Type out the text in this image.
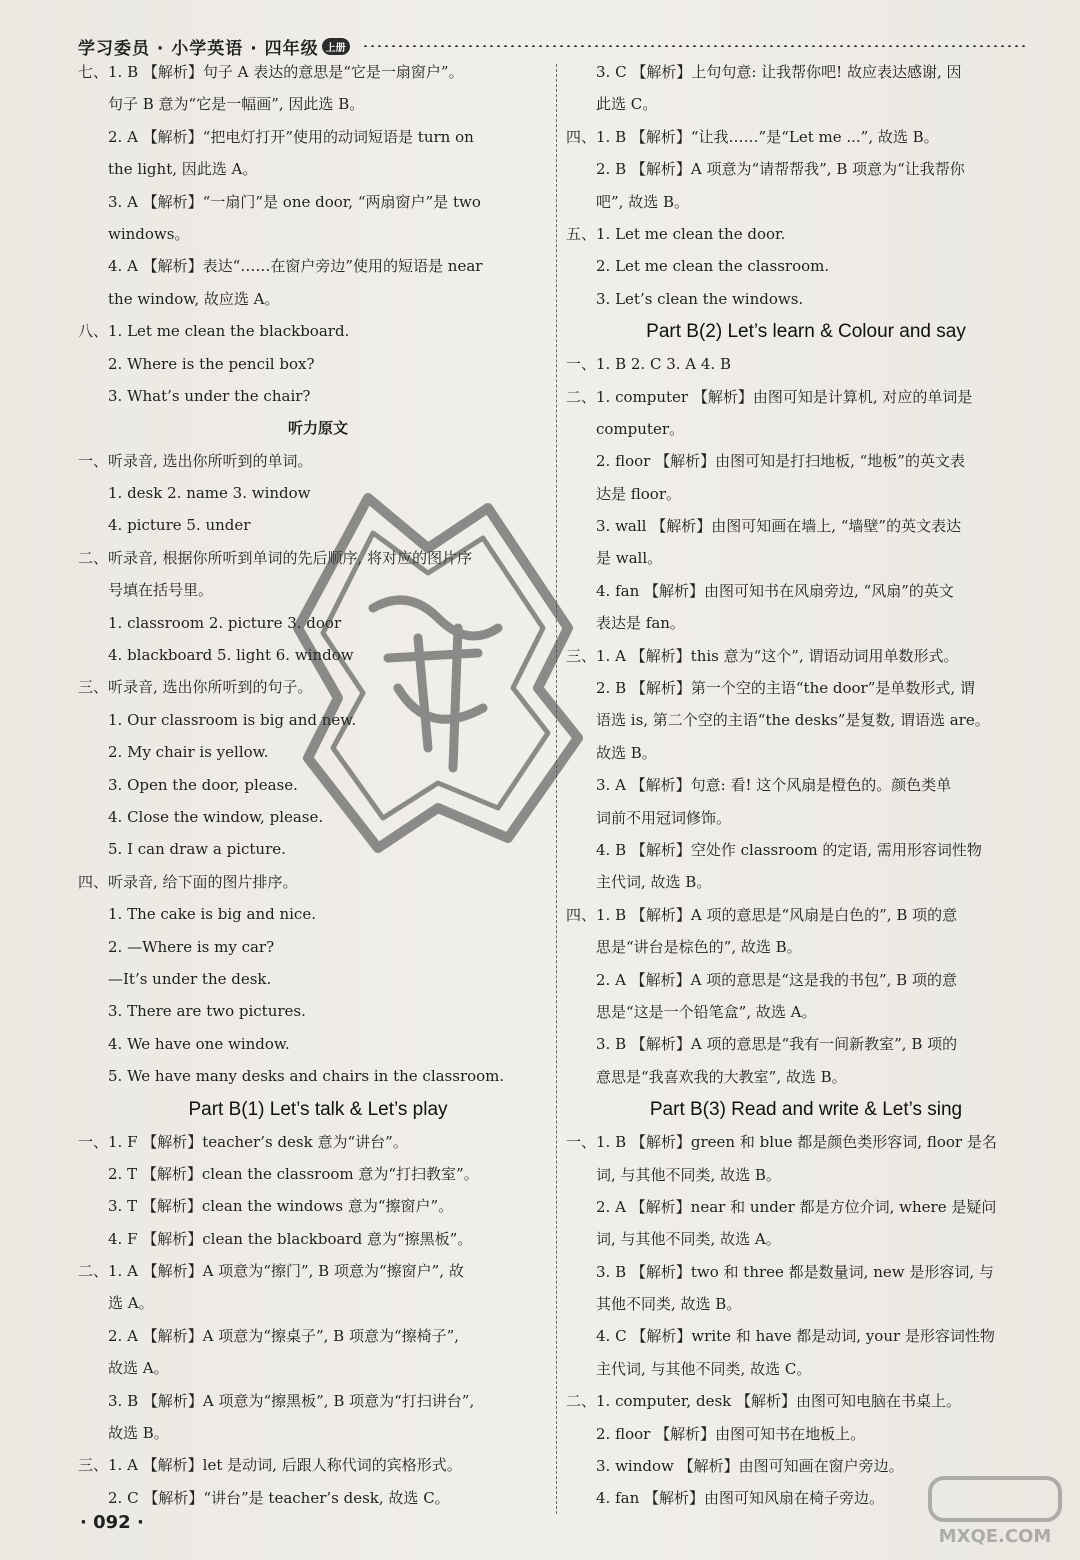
学习委员 · 小学英语 · 四年级 上册
七、1. B 【解析】句子 A 表达的意思是“它是一扇窗户”。
句子 B 意为“它是一幅画”, 因此选 B。
2. A 【解析】“把电灯打开”使用的动词短语是 turn on
the light, 因此选 A。
3. A 【解析】“一扇门”是 one door, “两扇窗户”是 two
windows。
4. A 【解析】表达“……在窗户旁边”使用的短语是 near
the window, 故应选 A。
八、1. Let me clean the blackboard.
2. Where is the pencil box?
3. What’s under the chair?
听力原文
一、听录音, 选出你所听到的单词。
1. desk 2. name 3. window
4. picture 5. under
二、听录音, 根据你所听到单词的先后顺序, 将对应的图片序
号填在括号里。
1. classroom 2. picture 3. door
4. blackboard 5. light 6. window
三、听录音, 选出你所听到的句子。
1. Our classroom is big and new.
2. My chair is yellow.
3. Open the door, please.
4. Close the window, please.
5. I can draw a picture.
四、听录音, 给下面的图片排序。
1. The cake is big and nice.
2. —Where is my car?
—It’s under the desk.
3. There are two pictures.
4. We have one window.
5. We have many desks and chairs in the classroom.
Part B(1) Let’s talk & Let’s play
一、1. F 【解析】teacher’s desk 意为“讲台”。
2. T 【解析】clean the classroom 意为“打扫教室”。
3. T 【解析】clean the windows 意为“擦窗户”。
4. F 【解析】clean the blackboard 意为“擦黑板”。
二、1. A 【解析】A 项意为“擦门”, B 项意为“擦窗户”, 故
选 A。
2. A 【解析】A 项意为“擦桌子”, B 项意为“擦椅子”,
故选 A。
3. B 【解析】A 项意为“擦黑板”, B 项意为“打扫讲台”,
故选 B。
三、1. A 【解析】let 是动词, 后跟人称代词的宾格形式。
2. C 【解析】“讲台”是 teacher’s desk, 故选 C。
3. C 【解析】上句句意: 让我帮你吧! 故应表达感谢, 因
此选 C。
四、1. B 【解析】“让我……”是“Let me ...”, 故选 B。
2. B 【解析】A 项意为“请帮帮我”, B 项意为“让我帮你
吧”, 故选 B。
五、1. Let me clean the door.
2. Let me clean the classroom.
3. Let’s clean the windows.
Part B(2) Let’s learn & Colour and say
一、1. B 2. C 3. A 4. B
二、1. computer 【解析】由图可知是计算机, 对应的单词是
computer。
2. floor 【解析】由图可知是打扫地板, “地板”的英文表
达是 floor。
3. wall 【解析】由图可知画在墙上, “墙壁”的英文表达
是 wall。
4. fan 【解析】由图可知书在风扇旁边, “风扇”的英文
表达是 fan。
三、1. A 【解析】this 意为“这个”, 谓语动词用单数形式。
2. B 【解析】第一个空的主语“the door”是单数形式, 谓
语选 is, 第二个空的主语“the desks”是复数, 谓语选 are。
故选 B。
3. A 【解析】句意: 看! 这个风扇是橙色的。颜色类单
词前不用冠词修饰。
4. B 【解析】空处作 classroom 的定语, 需用形容词性物
主代词, 故选 B。
四、1. B 【解析】A 项的意思是“风扇是白色的”, B 项的意
思是“讲台是棕色的”, 故选 B。
2. A 【解析】A 项的意思是“这是我的书包”, B 项的意
思是“这是一个铅笔盒”, 故选 A。
3. B 【解析】A 项的意思是“我有一间新教室”, B 项的
意思是“我喜欢我的大教室”, 故选 B。
Part B(3) Read and write & Let’s sing
一、1. B 【解析】green 和 blue 都是颜色类形容词, floor 是名
词, 与其他不同类, 故选 B。
2. A 【解析】near 和 under 都是方位介词, where 是疑问
词, 与其他不同类, 故选 A。
3. B 【解析】two 和 three 都是数量词, new 是形容词, 与
其他不同类, 故选 B。
4. C 【解析】write 和 have 都是动词, your 是形容词性物
主代词, 与其他不同类, 故选 C。
二、1. computer, desk 【解析】由图可知电脑在书桌上。
2. floor 【解析】由图可知书在地板上。
3. window 【解析】由图可知画在窗户旁边。
4. fan 【解析】由图可知风扇在椅子旁边。
MXQE.COM
· 092 ·
